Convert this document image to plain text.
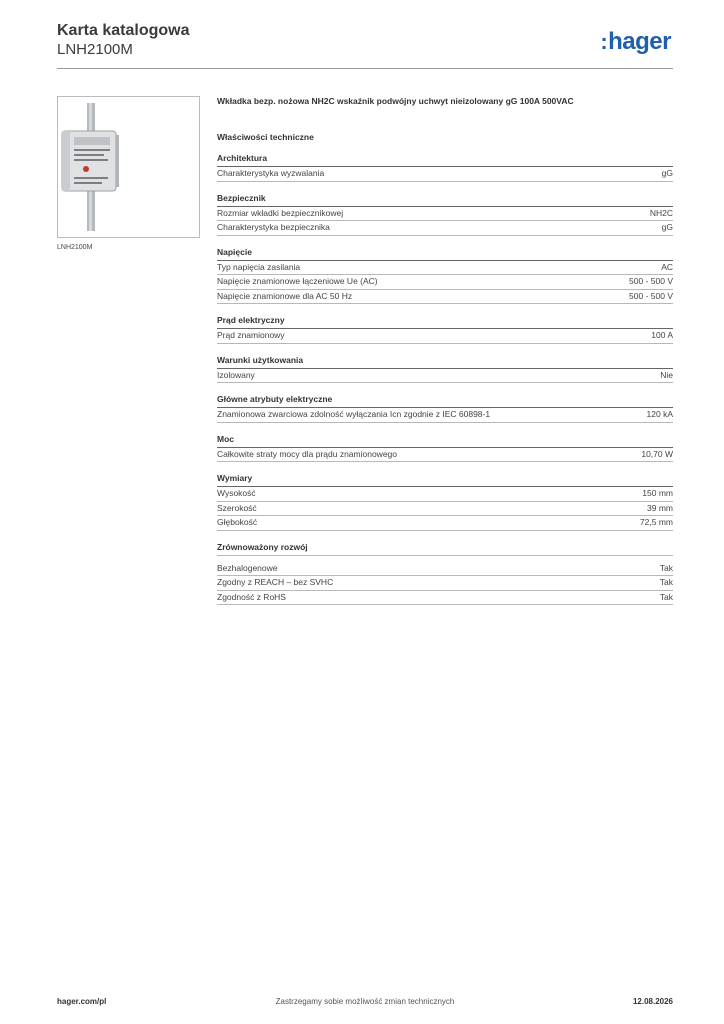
Karta katalogowa
LNH2100M	:hager
LNH2100M
Wkładka bezp. nożowa NH2C wskaźnik podwójny uchwyt nieizolowany gG 100A 500VAC
Właściwości techniczne
Architektura
Charakterystyka wyzwalania	gG
Bezpiecznik
Rozmiar wkładki bezpiecznikowej	NH2C
Charakterystyka bezpiecznika	gG
Napięcie
Typ napięcia zasilania	AC
Napięcie znamionowe łączeniowe Ue (AC)	500 - 500 V
Napięcie znamionowe dla AC 50 Hz	500 - 500 V
Prąd elektryczny
Prąd znamionowy	100 A
Warunki użytkowania
Izolowany	Nie
Główne atrybuty elektryczne
Znamionowa zwarciowa zdolność wyłączania Icn zgodnie z IEC 60898-1	120 kA
Moc
Całkowite straty mocy dla prądu znamionowego	10,70 W
Wymiary
Wysokość	150 mm
Szerokość	39 mm
Głębokość	72,5 mm
Zrównoważony rozwój
Bezhalogenowe	Tak
Zgodny z REACH – bez SVHC	Tak
Zgodność z RoHS	Tak
hager.com/pl	Zastrzegamy sobie możliwość zmian technicznych	12.08.2026
